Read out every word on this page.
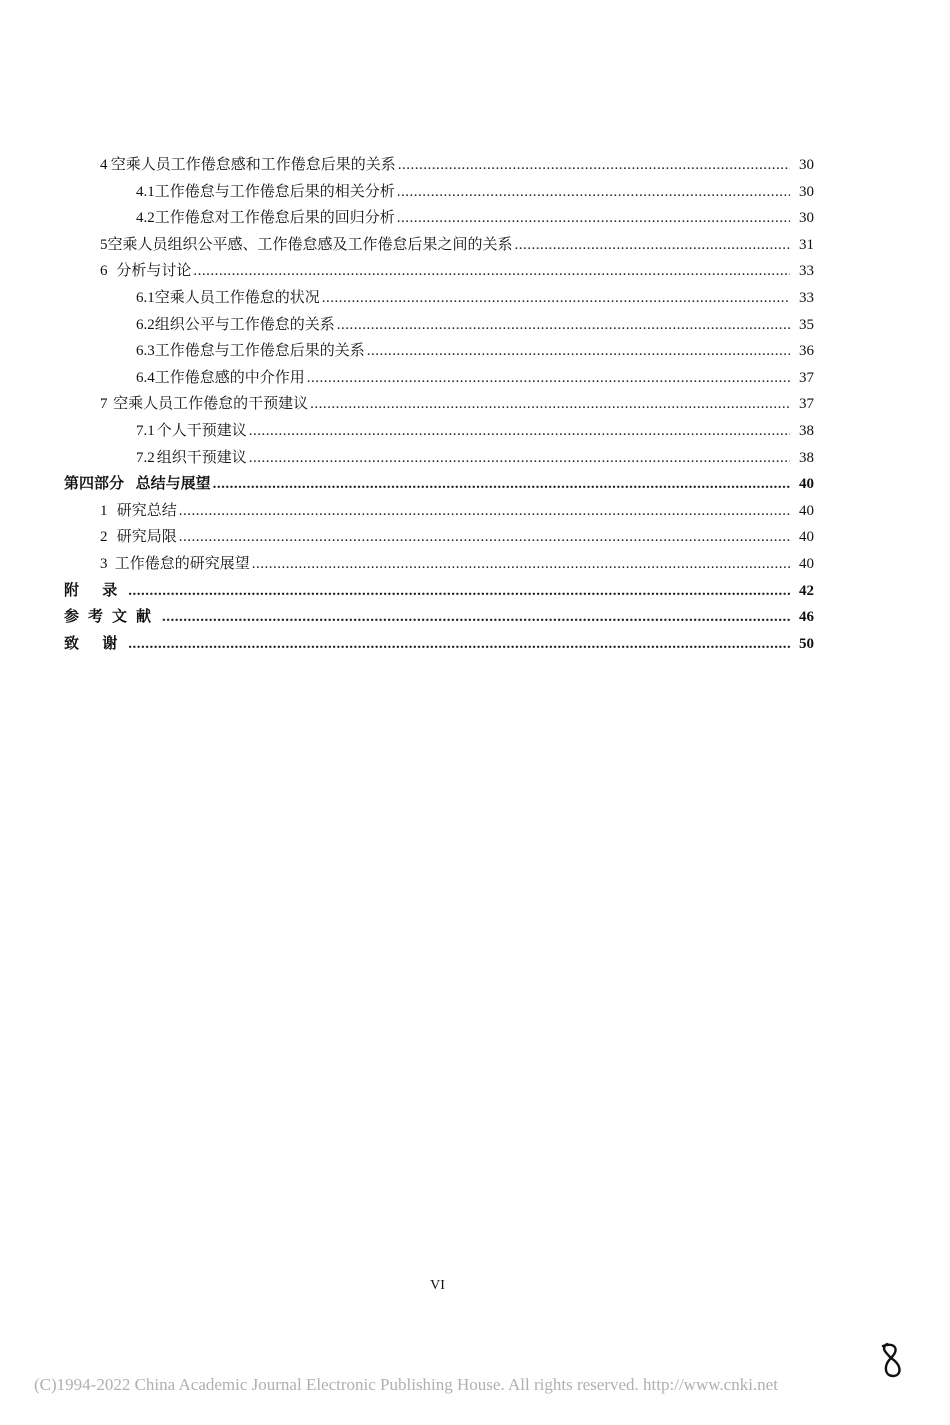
4 空乘人员工作倦怠感和工作倦怠后果的关系 .....	30
4.1 工作倦怠与工作倦怠后果的相关分析 .....	30
4.2 工作倦怠对工作倦怠后果的回归分析 .....	30
5 空乘人员组织公平感、工作倦怠感及工作倦怠后果之间的关系 .....	31
6 分析与讨论 .....	33
6.1 空乘人员工作倦怠的状况 .....	33
6.2 组织公平与工作倦怠的关系 .....	35
6.3 工作倦怠与工作倦怠后果的关系 .....	36
6.4 工作倦怠感的中介作用 .....	37
7 空乘人员工作倦怠的干预建议 .....	37
7.1 个人干预建议 .....	38
7.2 组织干预建议 .....	38
第四部分 总结与展望 .....	40
1 研究总结 .....	40
2 研究局限 .....	40
3 工作倦怠的研究展望 .....	40
附 录 .....	42
参考文献 .....	46
致 谢 .....	50
VI
(C)1994-2022 China Academic Journal Electronic Publishing House. All rights reserved. http://www.cnki.net
